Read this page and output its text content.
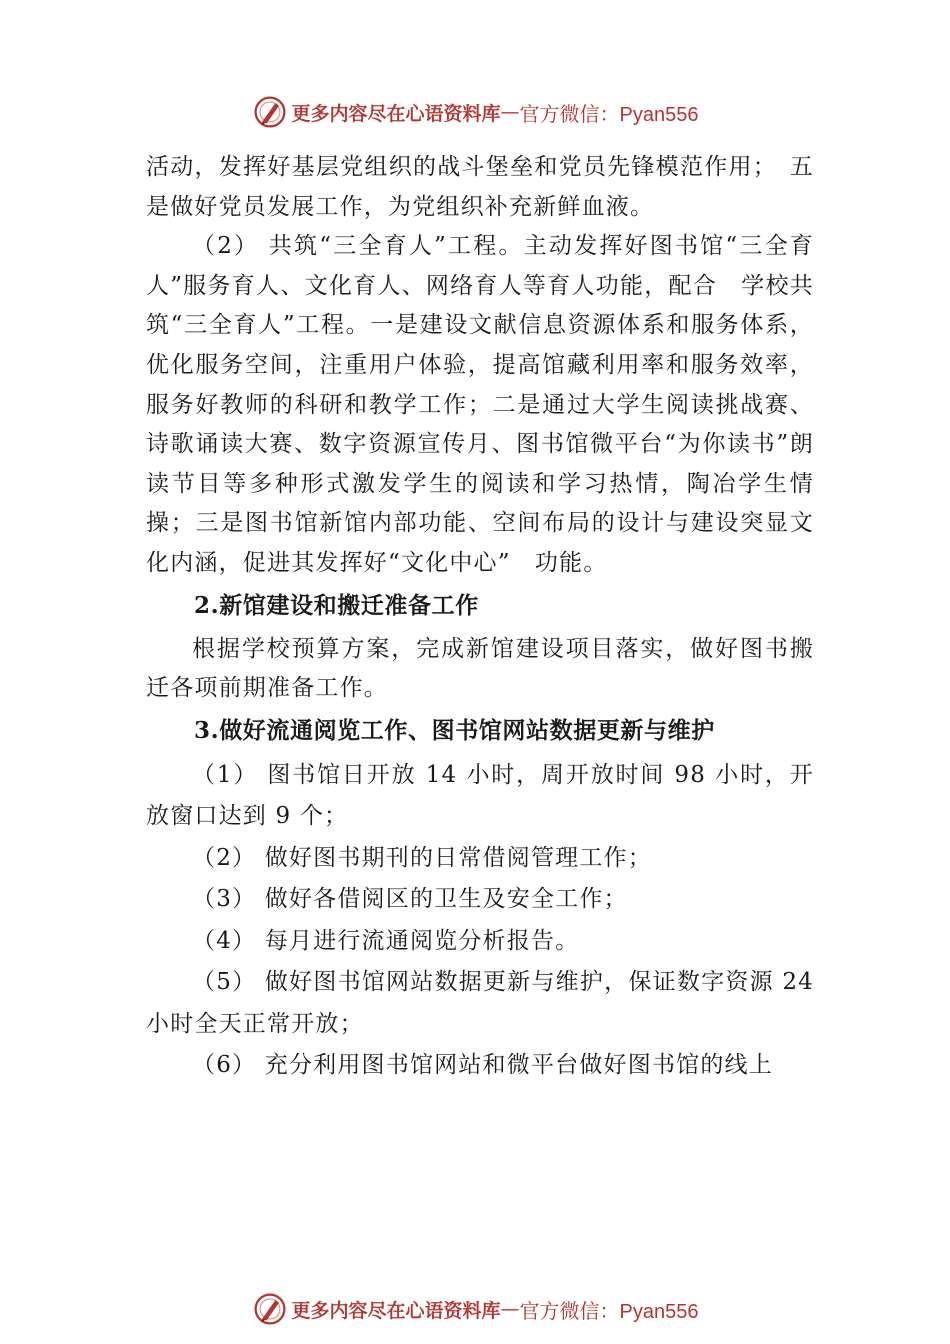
更多内容尽在心语资料库 — 官方微信：Pyan556

活动，发挥好基层党组织的战斗堡垒和党员先锋模范作用；　五是做好党员发展工作，为党组织补充新鲜血液。

（2） 共筑“三全育人”工程。主动发挥好图书馆“三全育人”服务育人、文化育人、网络育人等育人功能，配合　学校共筑“三全育人”工程。一是建设文献信息资源体系和服务体系，优化服务空间，注重用户体验，提高馆藏利用率和服务效率，服务好教师的科研和教学工作；二是通过大学生阅读挑战赛、诗歌诵读大赛、数字资源宣传月、图书馆微平台“为你读书”朗读节目等多种形式激发学生的阅读和学习热情，陶冶学生情操；三是图书馆新馆内部功能、空间布局的设计与建设突显文化内涵，促进其发挥好“文化中心”　功能。

2.新馆建设和搬迁准备工作

根据学校预算方案，完成新馆建设项目落实，做好图书搬迁各项前期准备工作。

3.做好流通阅览工作、图书馆网站数据更新与维护

（1） 图书馆日开放 14 小时，周开放时间 98 小时，开放窗口达到 9 个；

（2） 做好图书期刊的日常借阅管理工作；

（3） 做好各借阅区的卫生及安全工作；

（4） 每月进行流通阅览分析报告。

（5） 做好图书馆网站数据更新与维护，保证数字资源 24 小时全天正常开放；

（6） 充分利用图书馆网站和微平台做好图书馆的线上

更多内容尽在心语资料库 — 官方微信：Pyan556
